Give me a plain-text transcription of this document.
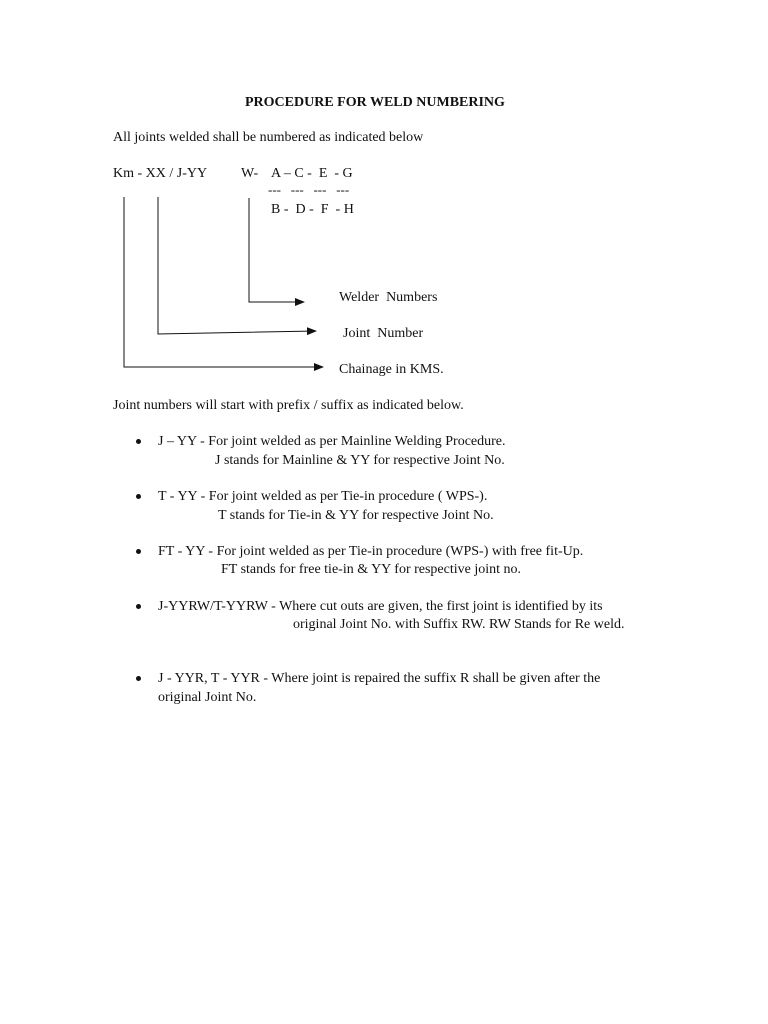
PROCEDURE FOR WELD NUMBERING
All joints welded shall be numbered as indicated below
Km - XX / J-YY W- A – C -  E  - G
---   ---   ---   ---
B -  D -  F  - H
Welder  Numbers
Joint  Number
Chainage in KMS.
Joint numbers will start with prefix / suffix as indicated below.
J – YY - For joint welded as per Mainline Welding Procedure.
J stands for Mainline & YY for respective Joint No.
T - YY - For joint welded as per Tie-in procedure ( WPS-).
T stands for Tie-in & YY for respective Joint No.
FT - YY - For joint welded as per Tie-in procedure (WPS-) with free fit-Up.
FT stands for free tie-in & YY for respective joint no.
J-YYRW/T-YYRW - Where cut outs are given, the first joint is identified by its
original Joint No. with Suffix RW. RW Stands for Re weld.
J - YYR, T - YYR - Where joint is repaired the suffix R shall be given after the
original Joint No.
